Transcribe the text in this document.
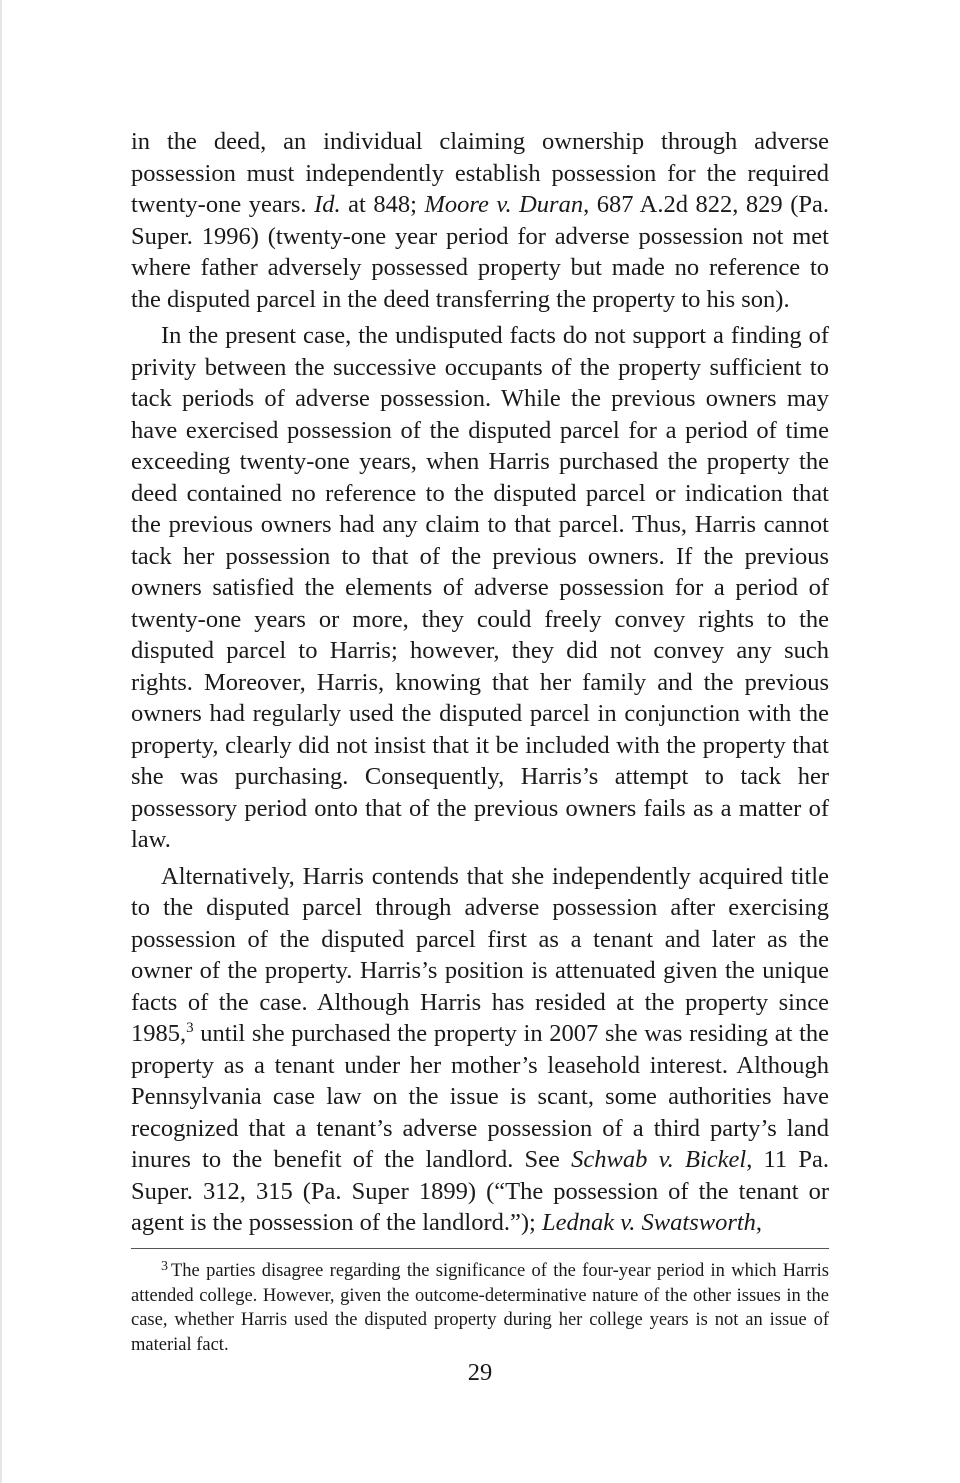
in the deed, an individual claiming ownership through adverse possession must independently establish possession for the required twenty-one years. Id. at 848; Moore v. Duran, 687 A.2d 822, 829 (Pa. Super. 1996) (twenty-one year period for adverse possession not met where father adversely possessed property but made no reference to the disputed parcel in the deed transferring the property to his son).

In the present case, the undisputed facts do not support a finding of privity between the successive occupants of the property sufficient to tack periods of adverse possession. While the previous owners may have exercised possession of the disputed parcel for a period of time exceeding twenty-one years, when Harris purchased the property the deed contained no reference to the disputed parcel or indication that the previous owners had any claim to that parcel. Thus, Harris cannot tack her possession to that of the previous owners. If the previous owners satisfied the elements of adverse possession for a period of twenty-one years or more, they could freely convey rights to the disputed parcel to Harris; however, they did not convey any such rights. Moreover, Harris, knowing that her family and the previous owners had regularly used the disputed parcel in conjunction with the property, clearly did not insist that it be included with the property that she was purchasing. Consequently, Harris’s attempt to tack her possessory period onto that of the previous owners fails as a matter of law.

Alternatively, Harris contends that she independently acquired title to the disputed parcel through adverse possession after exercising possession of the disputed parcel first as a tenant and later as the owner of the property. Harris’s position is attenuated given the unique facts of the case. Although Harris has resided at the property since 1985,$^3$ until she purchased the property in 2007 she was residing at the property as a tenant under her mother’s leasehold interest. Although Pennsylvania case law on the issue is scant, some authorities have recognized that a tenant’s adverse possession of a third party’s land inures to the benefit of the landlord. See Schwab v. Bickel, 11 Pa. Super. 312, 315 (Pa. Super 1899) (“The possession of the tenant or agent is the possession of the landlord.”); Lednak v. Swatsworth,

$^3$ The parties disagree regarding the significance of the four-year period in which Harris attended college. However, given the outcome-determinative nature of the other issues in the case, whether Harris used the disputed property during her college years is not an issue of material fact.

29
